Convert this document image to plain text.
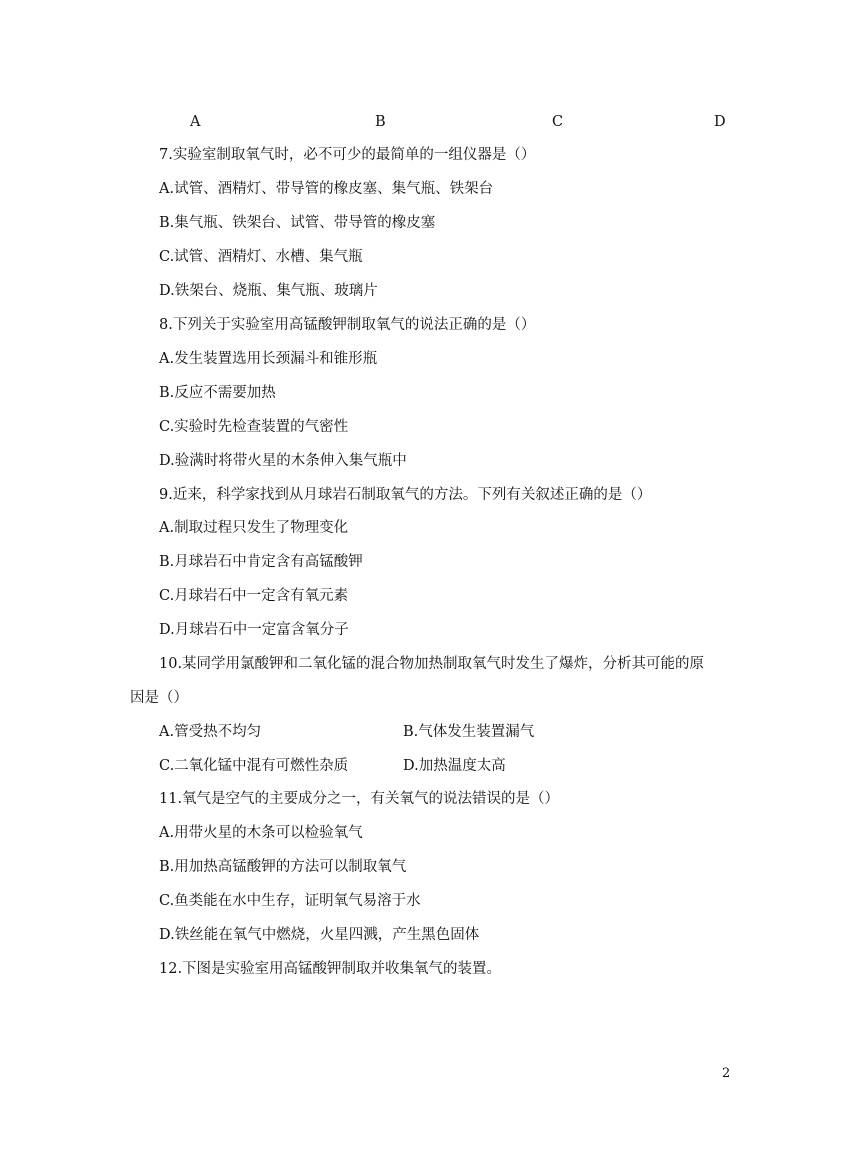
A	B	C	D
7.实验室制取氧气时，必不可少的最简单的一组仪器是（）
A.试管、酒精灯、带导管的橡皮塞、集气瓶、铁架台
B.集气瓶、铁架台、试管、带导管的橡皮塞
C.试管、酒精灯、水槽、集气瓶
D.铁架台、烧瓶、集气瓶、玻璃片
8.下列关于实验室用高锰酸钾制取氧气的说法正确的是（）
A.发生装置选用长颈漏斗和锥形瓶
B.反应不需要加热
C.实验时先检查装置的气密性
D.验满时将带火星的木条伸入集气瓶中
9.近来，科学家找到从月球岩石制取氧气的方法。下列有关叙述正确的是（）
A.制取过程只发生了物理变化
B.月球岩石中肯定含有高锰酸钾
C.月球岩石中一定含有氧元素
D.月球岩石中一定富含氧分子
10.某同学用氯酸钾和二氧化锰的混合物加热制取氧气时发生了爆炸，分析其可能的原
因是（）
A.管受热不均匀	B.气体发生装置漏气
C.二氧化锰中混有可燃性杂质	D.加热温度太高
11.氧气是空气的主要成分之一，有关氧气的说法错误的是（）
A.用带火星的木条可以检验氧气
B.用加热高锰酸钾的方法可以制取氧气
C.鱼类能在水中生存，证明氧气易溶于水
D.铁丝能在氧气中燃烧，火星四溅，产生黑色固体
12.下图是实验室用高锰酸钾制取并收集氧气的装置。
2
